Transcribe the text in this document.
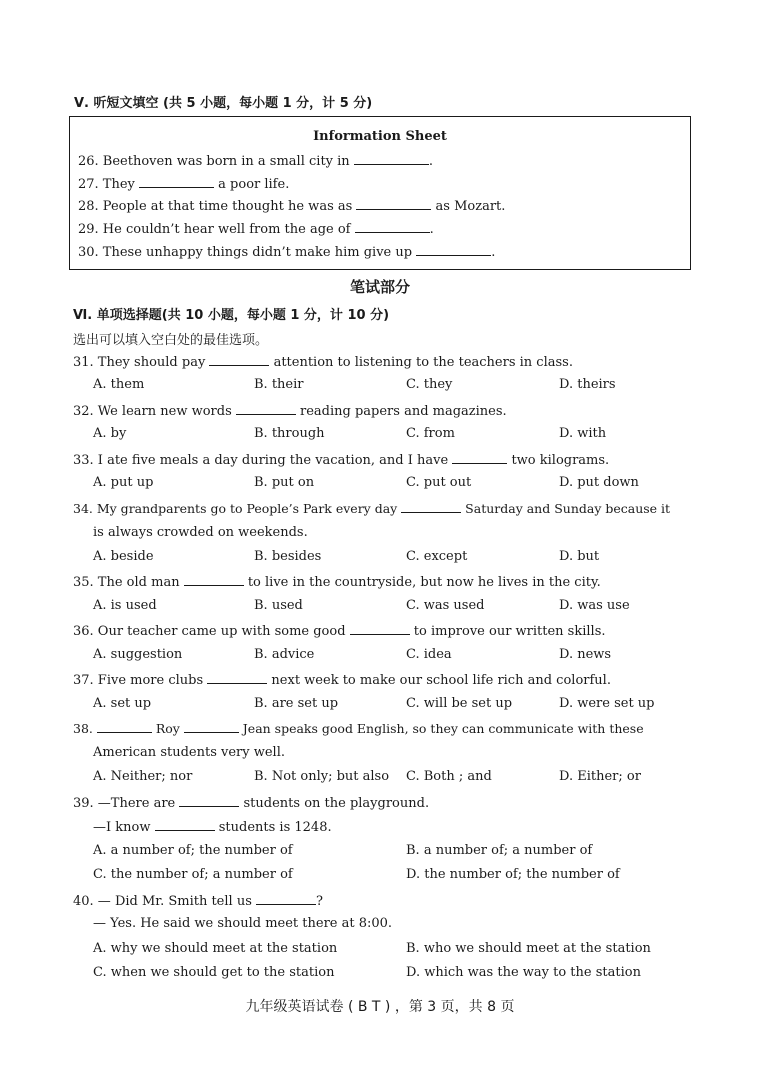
Ⅴ. 听短文填空 (共 5 小题，每小题 1 分，计 5 分)
Information Sheet
26. Beethoven was born in a small city in	.
27. They	a poor life.
28. People at that time thought he was as	as Mozart.
29. He couldn’t hear well from the age of	.
30. These unhappy things didn’t make him give up	.
笔试部分
Ⅵ. 单项选择题(共 10 小题，每小题 1 分，计 10 分)
选出可以填入空白处的最佳选项。
31. They should pay	attention to listening to the teachers in class.
A. them	B. their	C. they	D. theirs
32. We learn new words	reading papers and magazines.
A. by	B. through	C. from	D. with
33. I ate five meals a day during the vacation, and I have	two kilograms.
A. put up	B. put on	C. put out	D. put down
34. My grandparents go to People’s Park every day	Saturday and Sunday because it
is always crowded on weekends.
A. beside	B. besides	C. except	D. but
35. The old man	to live in the countryside, but now he lives in the city.
A. is used	B. used	C. was used	D. was use
36. Our teacher came up with some good	to improve our written skills.
A. suggestion	B. advice	C. idea	D. news
37. Five more clubs	next week to make our school life rich and colorful.
A. set up	B. are set up	C. will be set up	D. were set up
38.	Roy	Jean speaks good English, so they can communicate with these
American students very well.
A. Neither; nor	B. Not only; but also C. Both ; and	D. Either; or
39. —There are	students on the playground.
—I know	students is 1248.
A. a number of; the number of	B. a number of; a number of
C. the number of; a number of	D. the number of; the number of
40. — Did Mr. Smith tell us	?
— Yes. He said we should meet there at 8:00.
A. why we should meet at the station	B. who we should meet at the station
C. when we should get to the station	D. which was the way to the station
九年级英语试卷 ( B T ) ，第 3 页，共 8 页
